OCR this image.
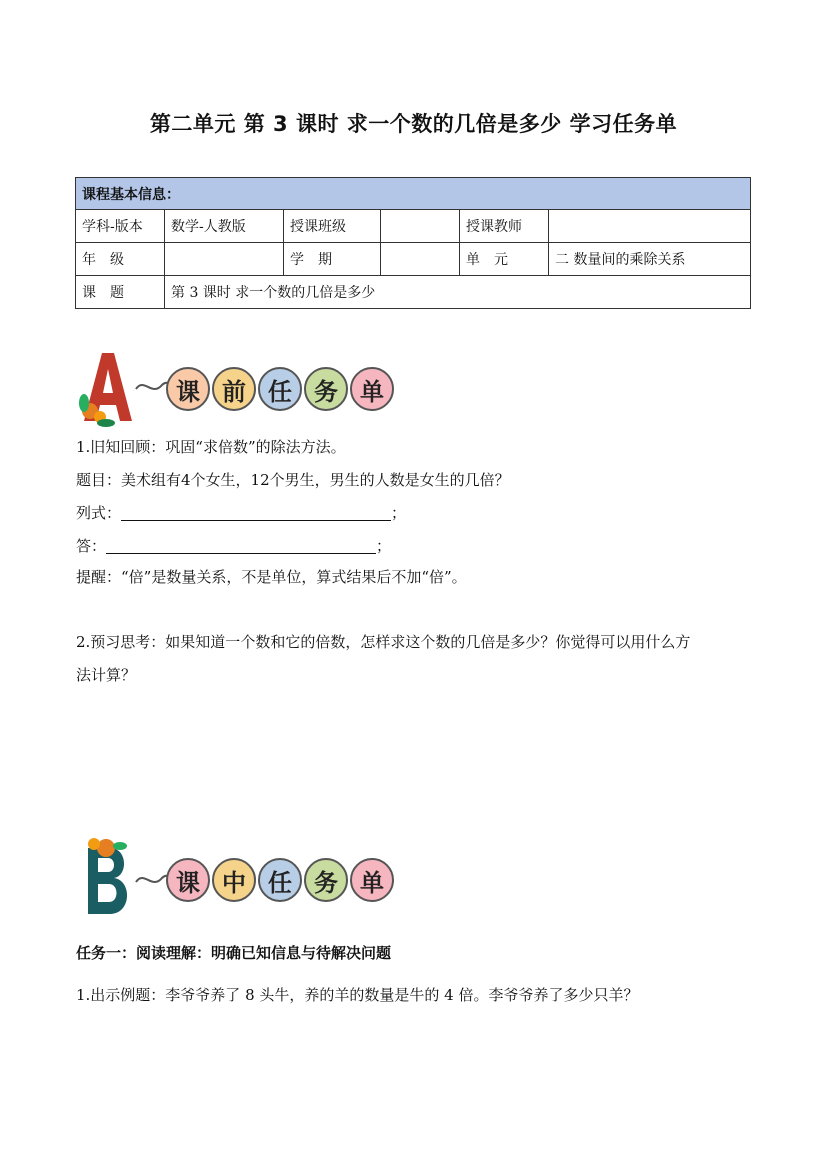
第二单元 第 3 课时 求一个数的几倍是多少 学习任务单
课程基本信息：					
学科-版本	数学-人教版	授课班级		授课教师	
年级		学期		单元	二 数量间的乘除关系
课题	第 3 课时 求一个数的几倍是多少				
课 前 任 务 单
1.旧知回顾：巩固“求倍数”的除法方法。
题目：美术组有4个女生，12个男生，男生的人数是女生的几倍？
列式：	；
答：	；
提醒：“倍”是数量关系，不是单位，算式结果后不加“倍”。
2.预习思考：如果知道一个数和它的倍数，怎样求这个数的几倍是多少？你觉得可以用什么方
法计算？
课 中 任 务 单
任务一：阅读理解：明确已知信息与待解决问题
1.出示例题：李爷爷养了 8 头牛，养的羊的数量是牛的 4 倍。李爷爷养了多少只羊？
